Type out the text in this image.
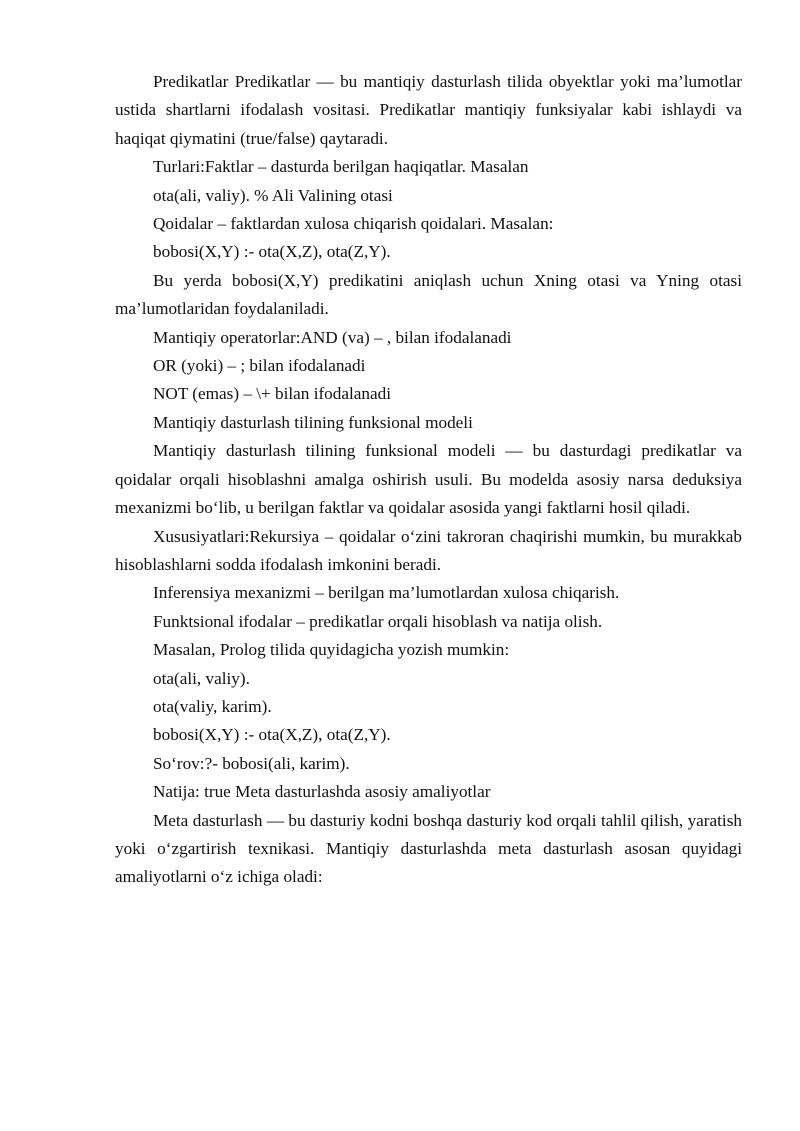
Predikatlar Predikatlar — bu mantiqiy dasturlash tilida obyektlar yoki ma’lumotlar ustida shartlarni ifodalash vositasi. Predikatlar mantiqiy funksiyalar kabi ishlaydi va haqiqat qiymatini (true/false) qaytaradi.

Turlari:Faktlar – dasturda berilgan haqiqatlar. Masalan

ota(ali, valiy). % Ali Valining otasi

Qoidalar – faktlardan xulosa chiqarish qoidalari. Masalan:

bobosi(X,Y) :- ota(X,Z), ota(Z,Y).

Bu yerda bobosi(X,Y) predikatini aniqlash uchun Xning otasi va Yning otasi ma’lumotlaridan foydalaniladi.

Mantiqiy operatorlar:AND (va) – , bilan ifodalanadi

OR (yoki) – ; bilan ifodalanadi

NOT (emas) – \+ bilan ifodalanadi

Mantiqiy dasturlash tilining funksional modeli

Mantiqiy dasturlash tilining funksional modeli — bu dasturdagi predikatlar va qoidalar orqali hisoblashni amalga oshirish usuli. Bu modelda asosiy narsa deduksiya mexanizmi bo‘lib, u berilgan faktlar va qoidalar asosida yangi faktlarni hosil qiladi.

Xususiyatlari:Rekursiya – qoidalar o‘zini takroran chaqirishi mumkin, bu murakkab hisoblashlarni sodda ifodalash imkonini beradi.

Inferensiya mexanizmi – berilgan ma’lumotlardan xulosa chiqarish.

Funktsional ifodalar – predikatlar orqali hisoblash va natija olish.

Masalan, Prolog tilida quyidagicha yozish mumkin:

ota(ali, valiy).

ota(valiy, karim).

bobosi(X,Y) :- ota(X,Z), ota(Z,Y).

So‘rov:?- bobosi(ali, karim).

Natija: true Meta dasturlashda asosiy amaliyotlar

Meta dasturlash — bu dasturiy kodni boshqa dasturiy kod orqali tahlil qilish, yaratish yoki o‘zgartirish texnikasi. Mantiqiy dasturlashda meta dasturlash asosan quyidagi amaliyotlarni o‘z ichiga oladi:
